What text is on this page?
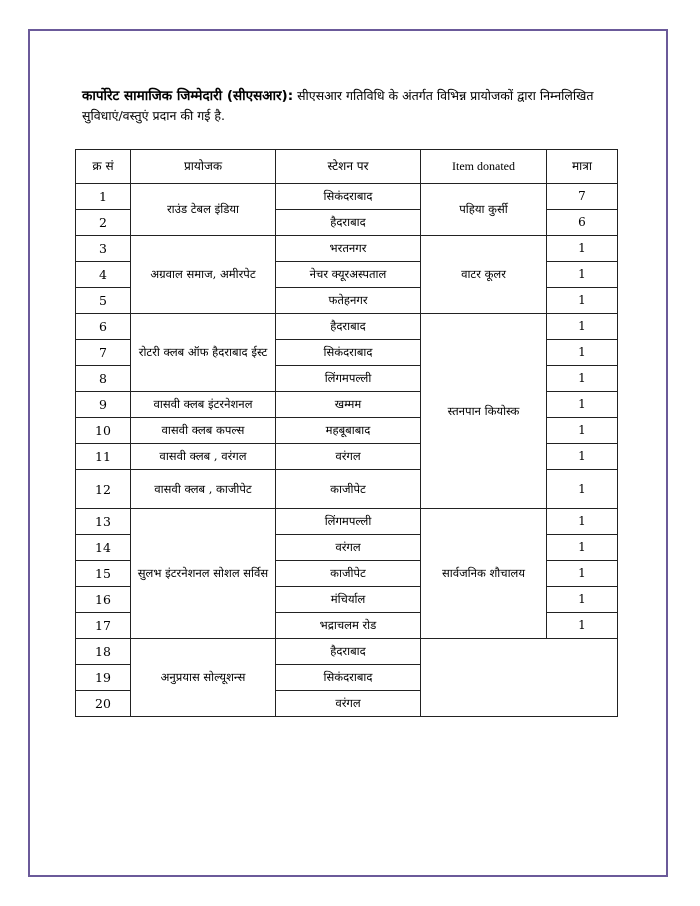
कार्पोरेट सामाजिक जिम्मेदारी (सीएसआर): सीएसआर गतिविधि के अंतर्गत विभिन्न प्रायोजकों द्वारा निम्नलिखित सुविधाएं/वस्तुएं प्रदान की गई है.
क्र सं	प्रायोजक	स्टेशन पर	Item donated	मात्रा
1	राउंड टेबल इंडिया	सिकंदराबाद	पहिया कुर्सी	7
2		हैदराबाद		6
3	अग्रवाल समाज, अमीरपेट	भरतनगर	वाटर कूलर	1
4		नेचर क्यूरअस्पताल		1
5		फतेहनगर		1
6	रोटरी क्लब ऑफ हैदराबाद ईस्ट	हैदराबाद	स्तनपान कियोस्क	1
7		सिकंदराबाद		1
8		लिंगमपल्ली		1
9	वासवी क्लब इंटरनेशनल	खम्मम		1
10	वासवी क्लब कपल्स	महबूबाबाद		1
11	वासवी क्लब , वरंगल	वरंगल		1
12	वासवी क्लब , काजीपेट	काजीपेट		1
13	सुलभ इंटरनेशनल सोशल सर्विस	लिंगमपल्ली	सार्वजनिक शौचालय	1
14		वरंगल		1
15		काजीपेट		1
16		मंचिर्याल		1
17		भद्राचलम रोड		1
18	अनुप्रयास सोल्यूशन्स	हैदराबाद		
19		सिकंदराबाद		
20		वरंगल		
